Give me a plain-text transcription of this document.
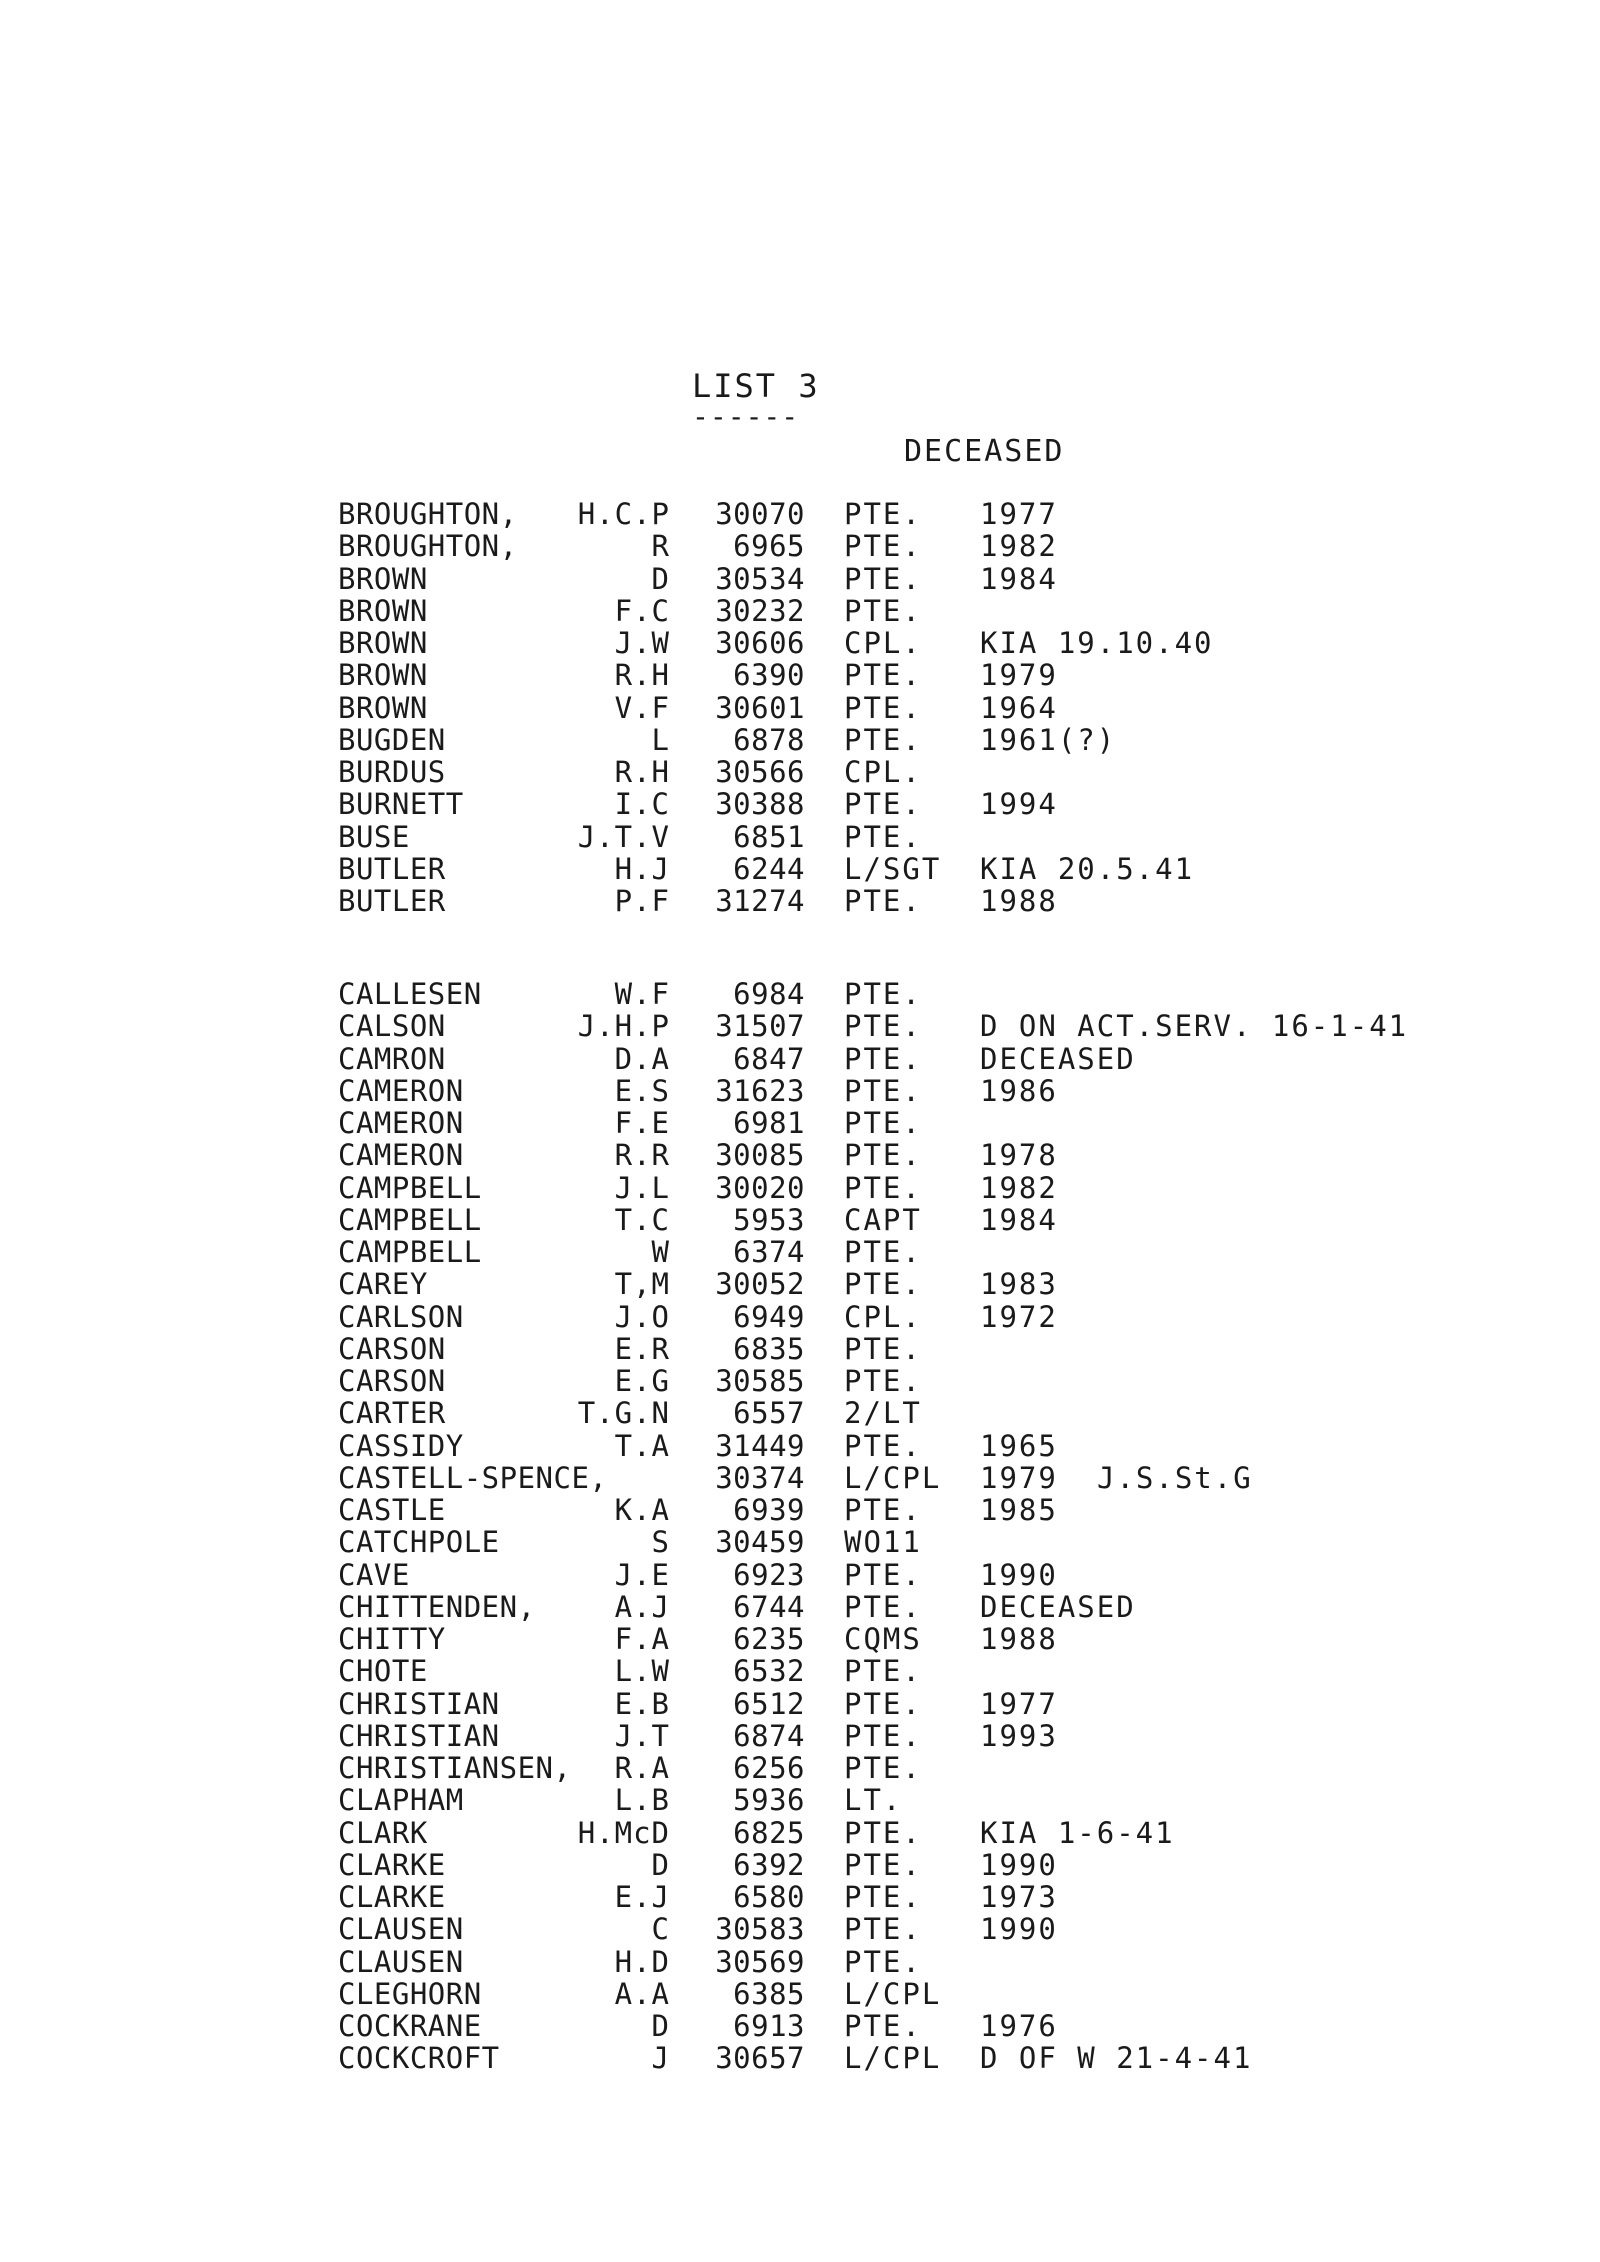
LIST 3
------
DECEASED
BROUGHTON, H.C.P 30070 PTE. 1977
BROUGHTON,	R 6965 PTE. 1982
BROWN	D 30534 PTE. 1984
BROWN	F.C 30232 PTE.
BROWN	J.W 30606 CPL. KIA 19.10.40
BROWN	R.H 6390 PTE. 1979
BROWN	V.F 30601 PTE. 1964
BUGDEN	L 6878 PTE. 1961(?)
BURDUS	R.H 30566 CPL.
BURNETT	I.C 30388 PTE. 1994
BUSE	J.T.V 6851 PTE.
BUTLER	H.J 6244 L/SGT KIA 20.5.41
BUTLER	P.F 31274 PTE. 1988
CALLESEN	W.F 6984 PTE.
CALSON	J.H.P 31507 PTE. D ON ACT.SERV. 16-1-41
CAMRON	D.A 6847 PTE. DECEASED
CAMERON	E.S 31623 PTE. 1986
CAMERON	F.E 6981 PTE.
CAMERON	R.R 30085 PTE. 1978
CAMPBELL	J.L 30020 PTE. 1982
CAMPBELL	T.C 5953 CAPT 1984
CAMPBELL	W 6374 PTE.
CAREY	T,M 30052 PTE. 1983
CARLSON	J.O 6949 CPL. 1972
CARSON	E.R 6835 PTE.
CARSON	E.G 30585 PTE.
CARTER	T.G.N 6557 2/LT
CASSIDY	T.A 31449 PTE. 1965
CASTELL-SPENCE,	30374 L/CPL 1979 J.S.St.G
CASTLE	K.A 6939 PTE. 1985
CATCHPOLE	S 30459 WO11
CAVE	J.E 6923 PTE. 1990
CHITTENDEN,	A.J 6744 PTE. DECEASED
CHITTY	F.A 6235 CQMS 1988
CHOTE	L.W 6532 PTE.
CHRISTIAN	E.B 6512 PTE. 1977
CHRISTIAN	J.T 6874 PTE. 1993
CHRISTIANSEN, R.A 6256 PTE.
CLAPHAM	L.B 5936 LT.
CLARK	H.McD 6825 PTE. KIA 1-6-41
CLARKE	D 6392 PTE. 1990
CLARKE	E.J 6580 PTE. 1973
CLAUSEN	C 30583 PTE. 1990
CLAUSEN	H.D 30569 PTE.
CLEGHORN	A.A 6385 L/CPL
COCKRANE	D 6913 PTE. 1976
COCKCROFT	J 30657 L/CPL D OF W 21-4-41
